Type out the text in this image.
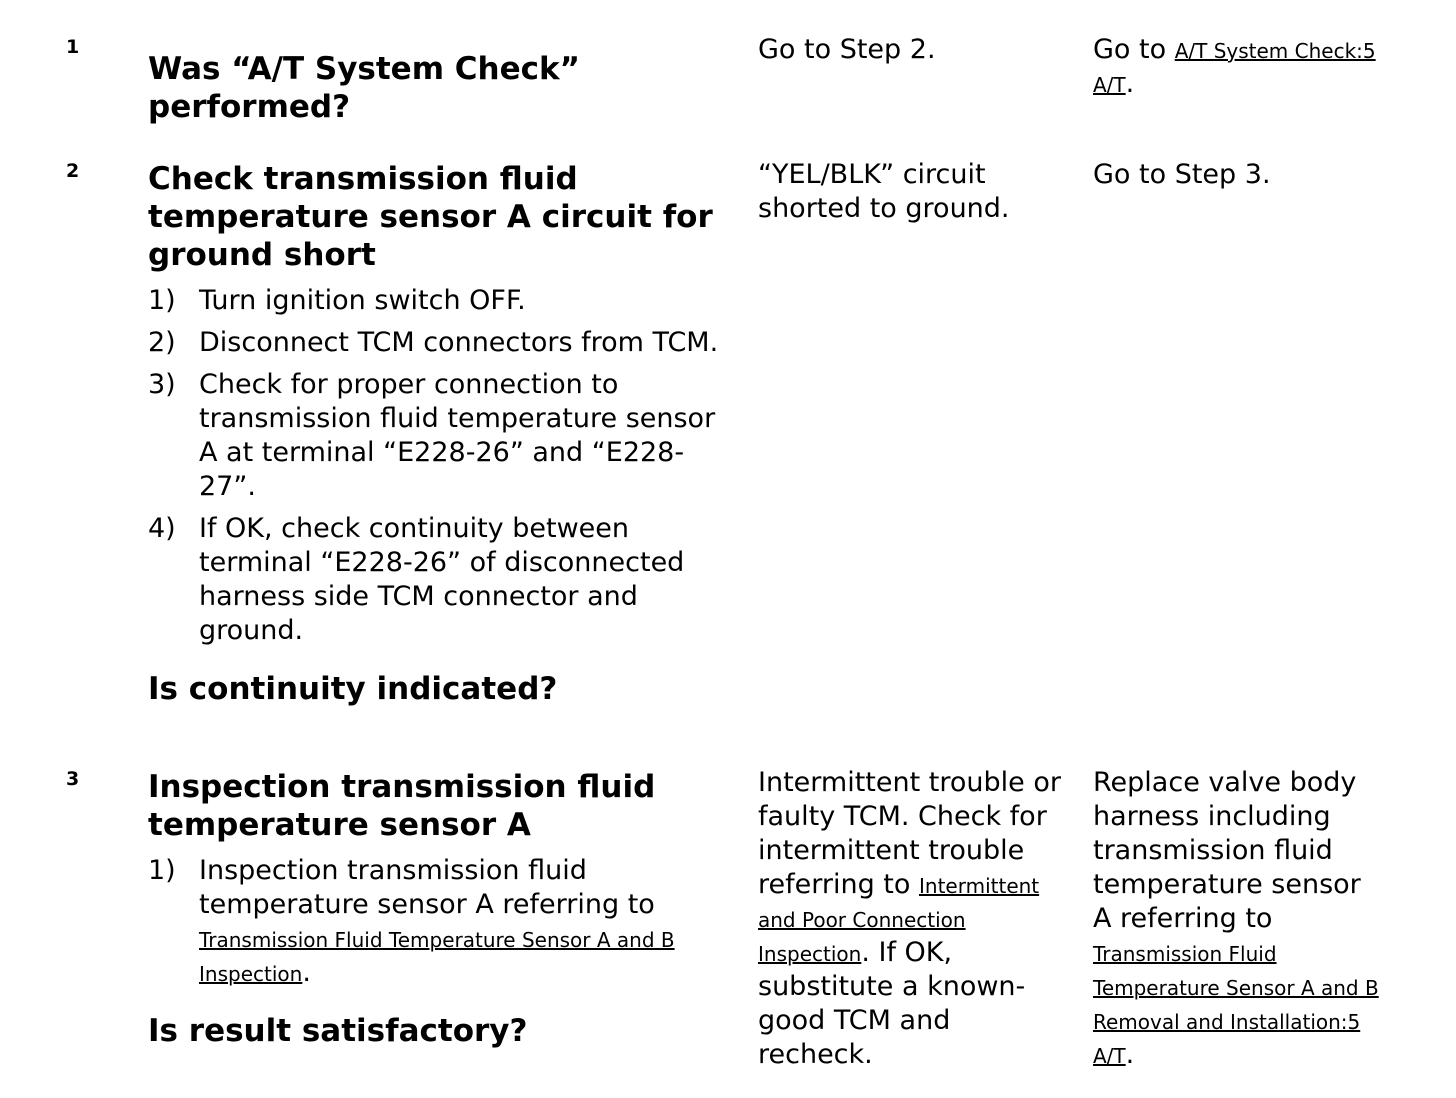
1

Was “A/T System Check” performed?

Go to Step 2.	Go to A/T System Check:5 A/T.
2 Check transmission fluid temperature sensor A circuit for ground short

1) Turn ignition switch OFF.
2) Disconnect TCM connectors from TCM.
3) Check for proper connection to transmission fluid temperature sensor A at terminal “E228-26” and “E228-27”.
4) If OK, check continuity between terminal “E228-26” of disconnected harness side TCM connector and ground.

Is continuity indicated?

“YEL/BLK” circuit shorted to ground.
Go to Step 3.
3 Inspection transmission fluid temperature sensor A

1) Inspection transmission fluid temperature sensor A referring to
Transmission Fluid Temperature Sensor A and B Inspection.

Is result satisfactory?

Intermittent trouble or faulty TCM. Check for intermittent trouble referring to Intermittent and Poor Connection Inspection. If OK, substitute a known-good TCM and recheck.
Replace valve body harness including transmission fluid temperature sensor A referring to Transmission Fluid Temperature Sensor A and B Removal and Installation:5 A/T.
